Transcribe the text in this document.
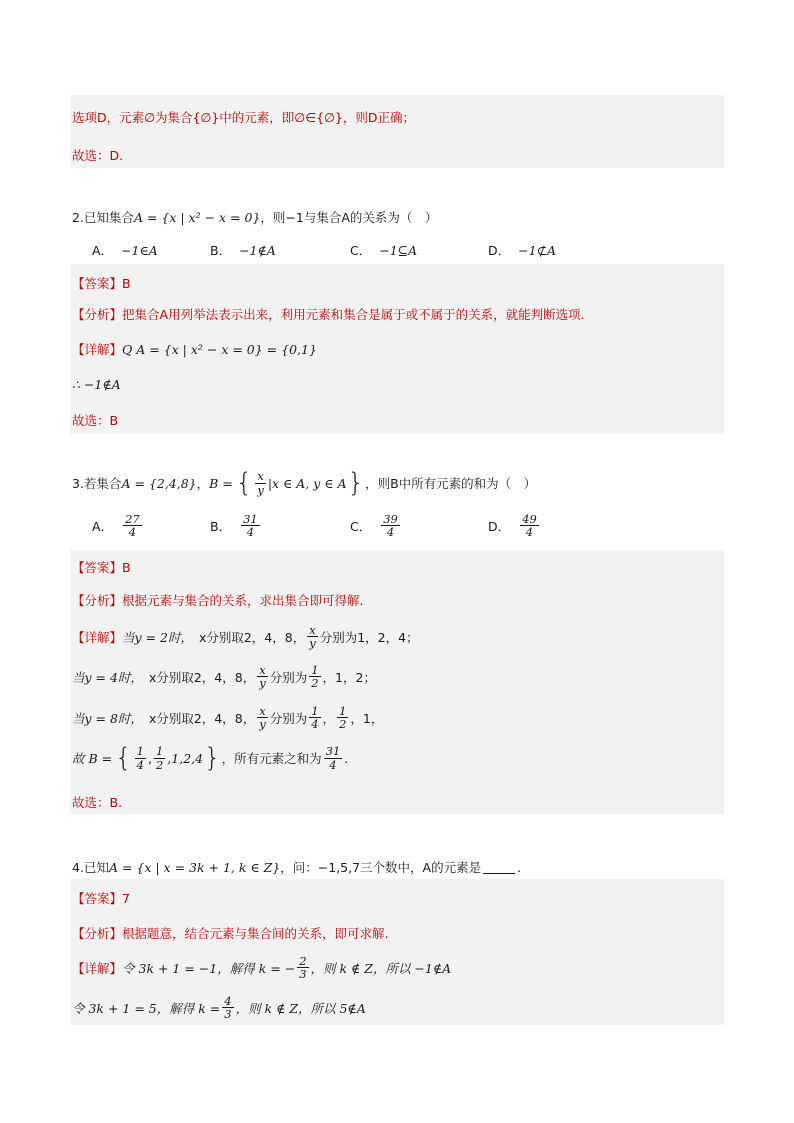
选项D，元素∅为集合{∅}中的元素，即∅∈{∅}，则D正确；
故选：D.
2.已知集合 A = {x | x² − x = 0} ，则−1与集合A的关系为（　）
A． −1∈A	B． −1∉A	C． −1⊆A	D． −1⊄A
【答案】 B
【分析】 把集合A用列举法表示出来，利用元素和集合是属于或不属于的关系，就能判断选项.
【详解】 Q A = {x | x² − x = 0} = {0,1}
∴ −1∉A
故选：B
3.若集合 A = {2,4,8} ， B = { $\frac{x}{y} |x$ ∈ A, y ∈ A } ，则B中所有元素的和为（　）
A． $\frac{27}{4}$	B． $\frac{31}{4}$	C． $\frac{39}{4}$	D． $\frac{49}{4}$
【答案】 B
【分析】 根据元素与集合的关系，求出集合即可得解.
【详解】 当y = 2时， x分别取2，4，8， $\frac{x}{y}$ 分别为1，2，4；
当y = 4时， x分别取2，4，8， $\frac{x}{y}$ 分别为 $\frac{1}{2}$ ，1，2；
当y = 8时， x分别取2，4，8， $\frac{x}{y}$ 分别为 $\frac{1}{4}$ ， $\frac{1}{2}$ ，1，
故 B = { $\frac{1}{4}$ , $\frac{1}{2} ,1,2,4$ } ，所有元素之和为 $\frac{31}{4}$ .
故选：B.
4.已知 A = {x | x = 3k + 1, k ∈ Z} ，问：−1,5,7三个数中，A的元素是	.
【答案】 7
【分析】 根据题意，结合元素与集合间的关系，即可求解.
【详解】 令 3k + 1 = −1，解得 k = − $\frac{2}{3}$ ，则 k ∉ Z，所以 −1∉A
令 3k + 1 = 5，解得 $k = \frac{4}{3}$ ，则 k ∉ Z，所以 5∉A
